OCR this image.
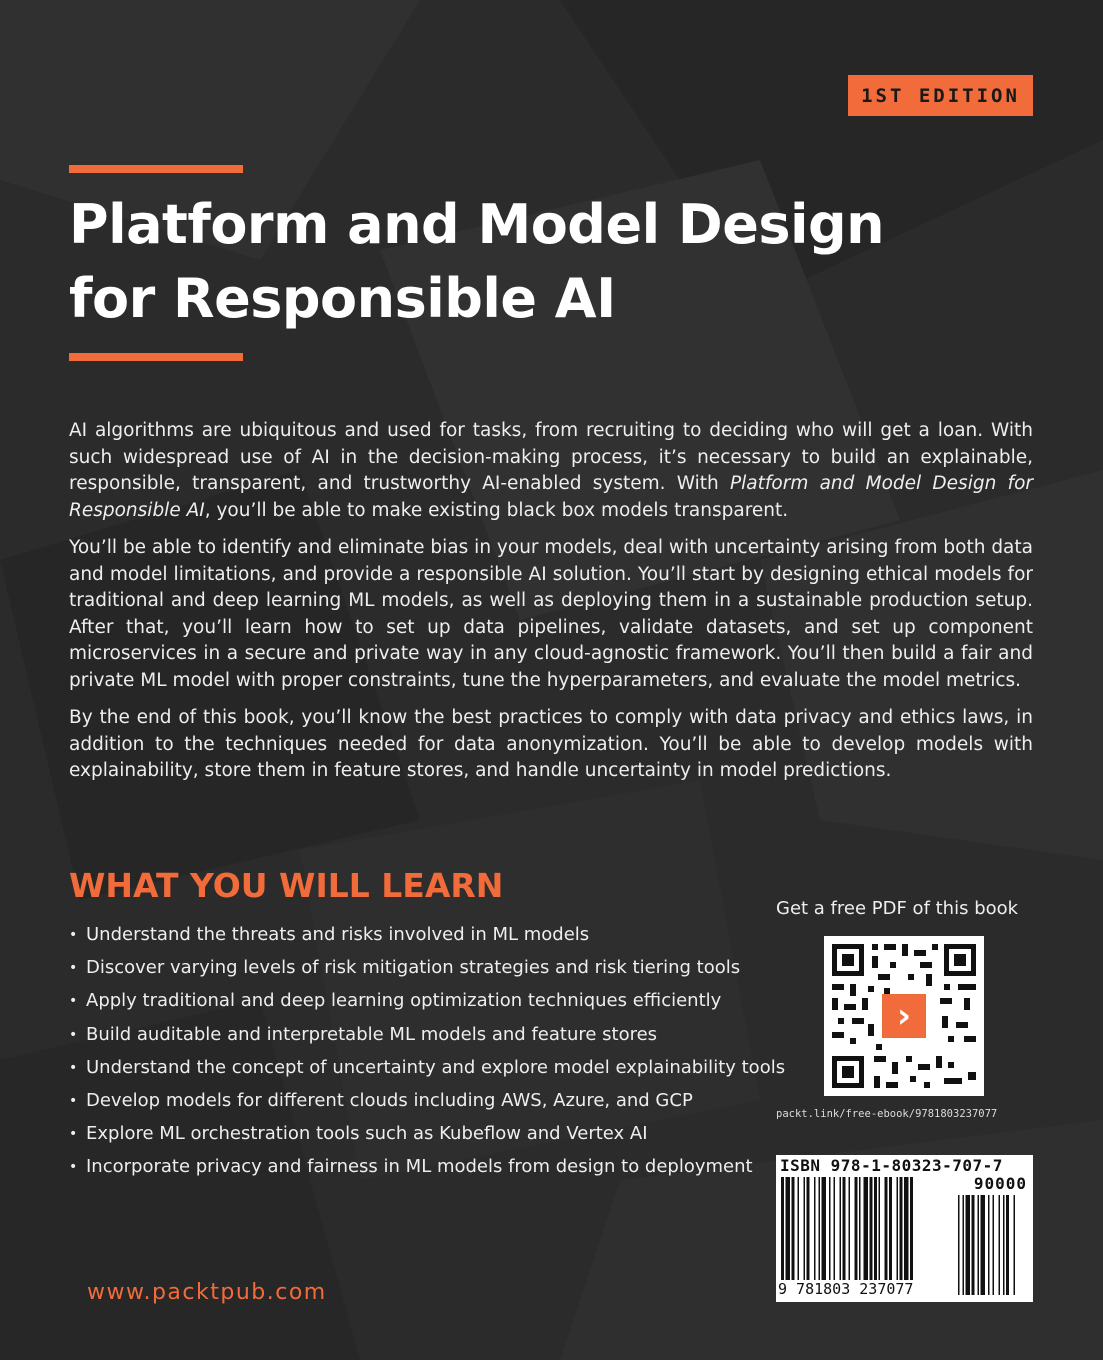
1ST EDITION
Platform and Model Design
for Responsible AI

AI algorithms are ubiquitous and used for tasks, from recruiting to deciding who will get a loan. With such widespread use of AI in the decision-making process, it’s necessary to build an explainable, responsible, transparent, and trustworthy AI-enabled system. With Platform and Model Design for Responsible AI, you’ll be able to make existing black box models transparent.

You’ll be able to identify and eliminate bias in your models, deal with uncertainty arising from both data and model limitations, and provide a responsible AI solution. You’ll start by designing ethical models for traditional and deep learning ML models, as well as deploying them in a sustainable production setup. After that, you’ll learn how to set up data pipelines, validate datasets, and set up component microservices in a secure and private way in any cloud-agnostic framework. You’ll then build a fair and private ML model with proper constraints, tune the hyperparameters, and evaluate the model metrics.

By the end of this book, you’ll know the best practices to comply with data privacy and ethics laws, in addition to the techniques needed for data anonymization. You’ll be able to develop models with explainability, store them in feature stores, and handle uncertainty in model predictions.

WHAT YOU WILL LEARN
• Understand the threats and risks involved in ML models
• Discover varying levels of risk mitigation strategies and risk tiering tools
• Apply traditional and deep learning optimization techniques efficiently
• Build auditable and interpretable ML models and feature stores
• Understand the concept of uncertainty and explore model explainability tools
• Develop models for different clouds including AWS, Azure, and GCP
• Explore ML orchestration tools such as Kubeflow and Vertex AI
• Incorporate privacy and fairness in ML models from design to deployment
Get a free PDF of this book
›
packt.link/free-ebook/9781803237077
ISBN 978-1-80323-707-7
90000
9 781803 237077
www.packtpub.com
